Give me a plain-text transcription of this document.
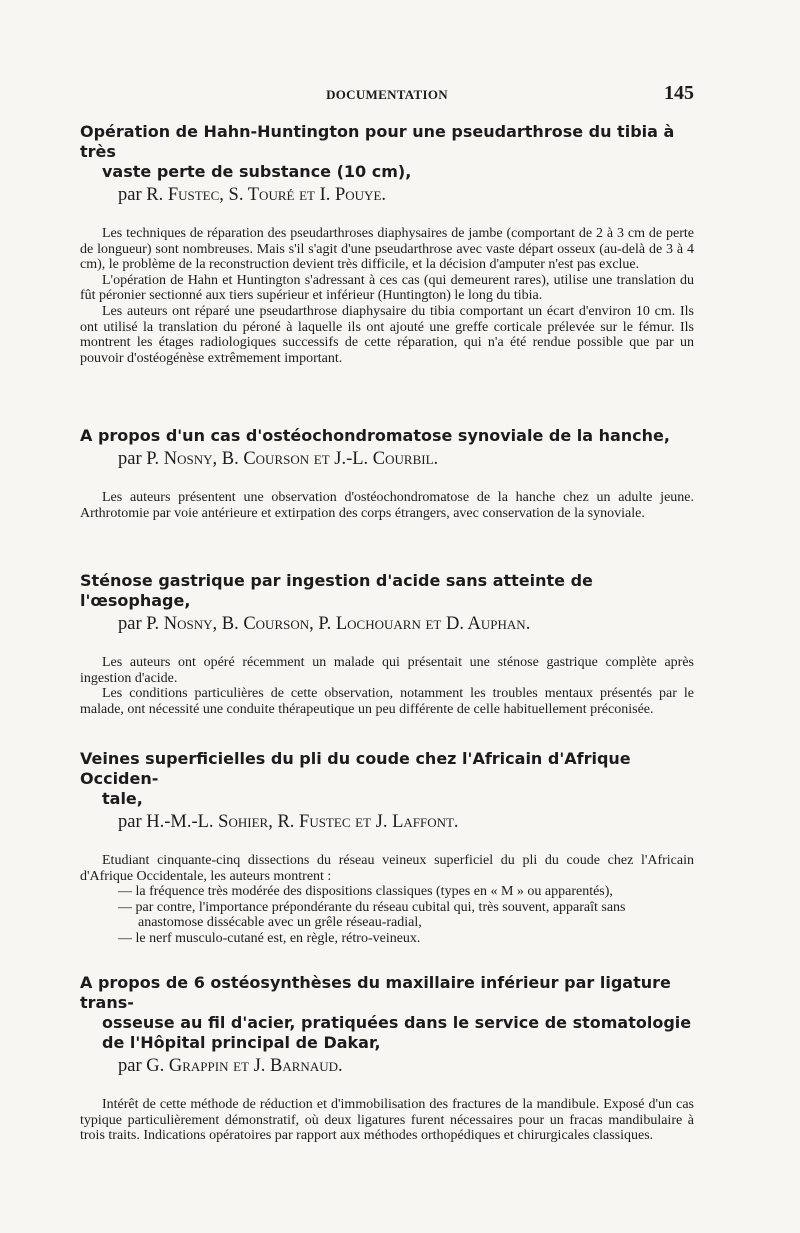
DOCUMENTATION	145
Opération de Hahn-Huntington pour une pseudarthrose du tibia à très
vaste perte de substance (10 cm),
par R. Fustec, S. Touré et I. Pouye.

Les techniques de réparation des pseudarthroses diaphysaires de jambe (comportant de 2 à 3 cm de perte de longueur) sont nombreuses. Mais s'il s'agit d'une pseudarthrose avec vaste départ osseux (au-delà de 3 à 4 cm), le problème de la reconstruction devient très difficile, et la décision d'amputer n'est pas exclue.

L'opération de Hahn et Huntington s'adressant à ces cas (qui demeurent rares), utilise une translation du fût péronier sectionné aux tiers supérieur et inférieur (Huntington) le long du tibia.

Les auteurs ont réparé une pseudarthrose diaphysaire du tibia comportant un écart d'environ 10 cm. Ils ont utilisé la translation du péroné à laquelle ils ont ajouté une greffe corticale prélevée sur le fémur. Ils montrent les étages radiologiques successifs de cette réparation, qui n'a été rendue possible que par un pouvoir d'ostéogénèse extrêmement important.

A propos d'un cas d'ostéochondromatose synoviale de la hanche,
par P. Nosny, B. Courson et J.-L. Courbil.

Les auteurs présentent une observation d'ostéochondromatose de la hanche chez un adulte jeune. Arthrotomie par voie antérieure et extirpation des corps étrangers, avec conservation de la synoviale.

Sténose gastrique par ingestion d'acide sans atteinte de l'œsophage,
par P. Nosny, B. Courson, P. Lochouarn et D. Auphan.

Les auteurs ont opéré récemment un malade qui présentait une sténose gastrique complète après ingestion d'acide.

Les conditions particulières de cette observation, notamment les troubles mentaux présentés par le malade, ont nécessité une conduite thérapeutique un peu différente de celle habituellement préconisée.

Veines superficielles du pli du coude chez l'Africain d'Afrique Occiden-
tale,
par H.-M.-L. Sohier, R. Fustec et J. Laffont.

Etudiant cinquante-cinq dissections du réseau veineux superficiel du pli du coude chez l'Africain d'Afrique Occidentale, les auteurs montrent :

— la fréquence très modérée des dispositions classiques (types en « M » ou apparentés),
— par contre, l'importance prépondérante du réseau cubital qui, très souvent, apparaît sans anastomose dissécable avec un grêle réseau-radial,
— le nerf musculo-cutané est, en règle, rétro-veineux.
A propos de 6 ostéosynthèses du maxillaire inférieur par ligature trans-
osseuse au fil d'acier, pratiquées dans le service de stomatologie
de l'Hôpital principal de Dakar,
par G. Grappin et J. Barnaud.

Intérêt de cette méthode de réduction et d'immobilisation des fractures de la mandibule. Exposé d'un cas typique particulièrement démonstratif, où deux ligatures furent nécessaires pour un fracas mandibulaire à trois traits. Indications opératoires par rapport aux méthodes orthopédiques et chirurgicales classiques.
